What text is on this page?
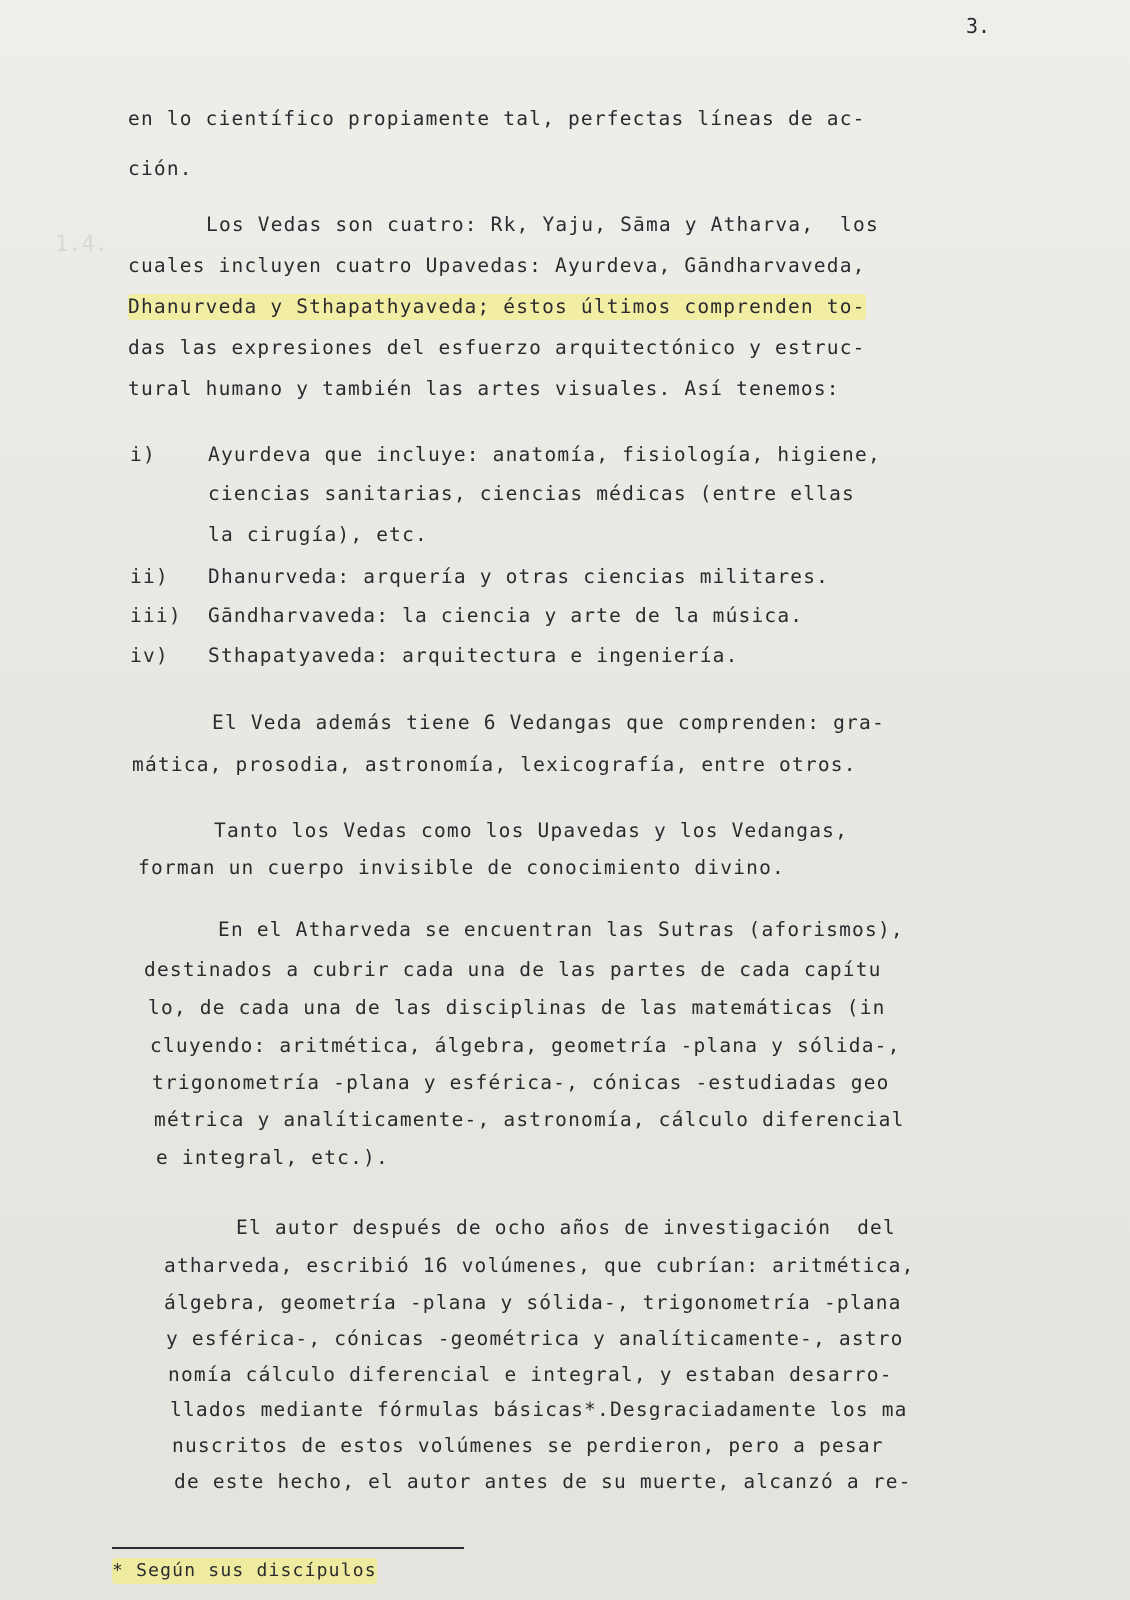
1.4.
3.
en lo científico propiamente tal, perfectas líneas de ac-
ción.
Los Vedas son cuatro: Rk, Yaju, Sāma y Atharva,  los
cuales incluyen cuatro Upavedas: Ayurdeva, Gāndharvaveda,
Dhanurveda y Sthapathyaveda; éstos últimos comprenden to-
das las expresiones del esfuerzo arquitectónico y estruc-
tural humano y también las artes visuales. Así tenemos:
i)	Ayurdeva que incluye: anatomía, fisiología, higiene,
ciencias sanitarias, ciencias médicas (entre ellas
la cirugía), etc.
ii) Dhanurveda: arquería y otras ciencias militares.
iii) Gāndharvaveda: la ciencia y arte de la música.
iv) Sthapatyaveda: arquitectura e ingeniería.
El Veda además tiene 6 Vedangas que comprenden: gra-
mática, prosodia, astronomía, lexicografía, entre otros.
Tanto los Vedas como los Upavedas y los Vedangas,
forman un cuerpo invisible de conocimiento divino.
En el Atharveda se encuentran las Sutras (aforismos),
destinados a cubrir cada una de las partes de cada capítu
lo, de cada una de las disciplinas de las matemáticas (in
cluyendo: aritmética, álgebra, geometría -plana y sólida-,
trigonometría -plana y esférica-, cónicas -estudiadas geo
métrica y analíticamente-, astronomía, cálculo diferencial
e integral, etc.).
El autor después de ocho años de investigación  del
atharveda, escribió 16 volúmenes, que cubrían: aritmética,
álgebra, geometría -plana y sólida-, trigonometría -plana
y esférica-, cónicas -geométrica y analíticamente-, astro
nomía cálculo diferencial e integral, y estaban desarro-
llados mediante fórmulas básicas*.Desgraciadamente los ma
nuscritos de estos volúmenes se perdieron, pero a pesar
de este hecho, el autor antes de su muerte, alcanzó a re-
* Según sus discípulos
